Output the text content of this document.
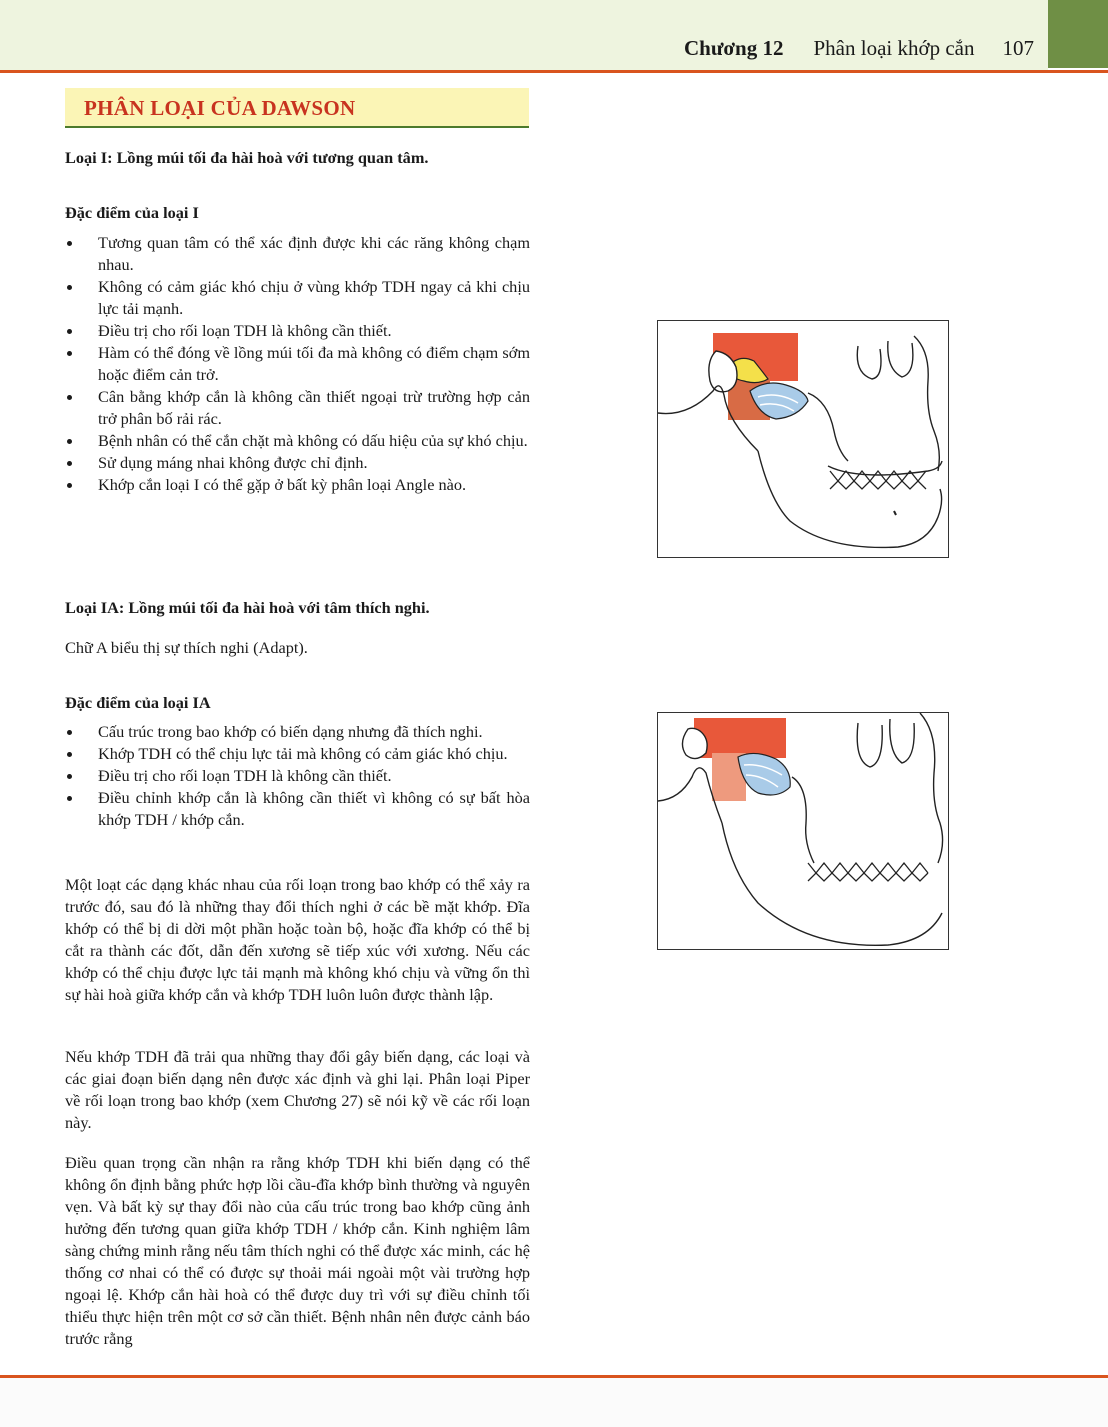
Chương 12 Phân loại khớp cắn 107
PHÂN LOẠI CỦA DAWSON
Loại I: Lồng múi tối đa hài hoà với tương quan tâm.
Đặc điểm của loại I
Tương quan tâm có thể xác định được khi các răng không chạm nhau.
Không có cảm giác khó chịu ở vùng khớp TDH ngay cả khi chịu lực tải mạnh.
Điều trị cho rối loạn TDH là không cần thiết.
Hàm có thể đóng về lồng múi tối đa mà không có điểm chạm sớm hoặc điểm cản trở.
Cân bằng khớp cắn là không cần thiết ngoại trừ trường hợp cản trở phân bố rải rác.
Bệnh nhân có thể cắn chặt mà không có dấu hiệu của sự khó chịu.
Sử dụng máng nhai không được chỉ định.
Khớp cắn loại I có thể gặp ở bất kỳ phân loại Angle nào.
Loại IA: Lồng múi tối đa hài hoà với tâm thích nghi.
Chữ A biểu thị sự thích nghi (Adapt).
Đặc điểm của loại IA
Cấu trúc trong bao khớp có biến dạng nhưng đã thích nghi.
Khớp TDH có thể chịu lực tải mà không có cảm giác khó chịu.
Điều trị cho rối loạn TDH là không cần thiết.
Điều chỉnh khớp cắn là không cần thiết vì không có sự bất hòa khớp TDH / khớp cắn.
Một loạt các dạng khác nhau của rối loạn trong bao khớp có thể xảy ra trước đó, sau đó là những thay đổi thích nghi ở các bề mặt khớp. Đĩa khớp có thể bị di dời một phần hoặc toàn bộ, hoặc đĩa khớp có thể bị cắt ra thành các đốt, dẫn đến xương sẽ tiếp xúc với xương. Nếu các khớp có thể chịu được lực tải mạnh mà không khó chịu và vững ổn thì sự hài hoà giữa khớp cắn và khớp TDH luôn luôn được thành lập.
Nếu khớp TDH đã trải qua những thay đổi gây biến dạng, các loại và các giai đoạn biến dạng nên được xác định và ghi lại. Phân loại Piper về rối loạn trong bao khớp (xem Chương 27) sẽ nói kỹ về các rối loạn này.
Điều quan trọng cần nhận ra rằng khớp TDH khi biến dạng có thể không ổn định bằng phức hợp lồi cầu-đĩa khớp bình thường và nguyên vẹn. Và bất kỳ sự thay đổi nào của cấu trúc trong bao khớp cũng ảnh hưởng đến tương quan giữa khớp TDH / khớp cắn. Kinh nghiệm lâm sàng chứng minh rằng nếu tâm thích nghi có thể được xác minh, các hệ thống cơ nhai có thể có được sự thoải mái ngoài một vài trường hợp ngoại lệ. Khớp cắn hài hoà có thể được duy trì với sự điều chỉnh tối thiểu thực hiện trên một cơ sở cần thiết. Bệnh nhân nên được cảnh báo trước rằng
